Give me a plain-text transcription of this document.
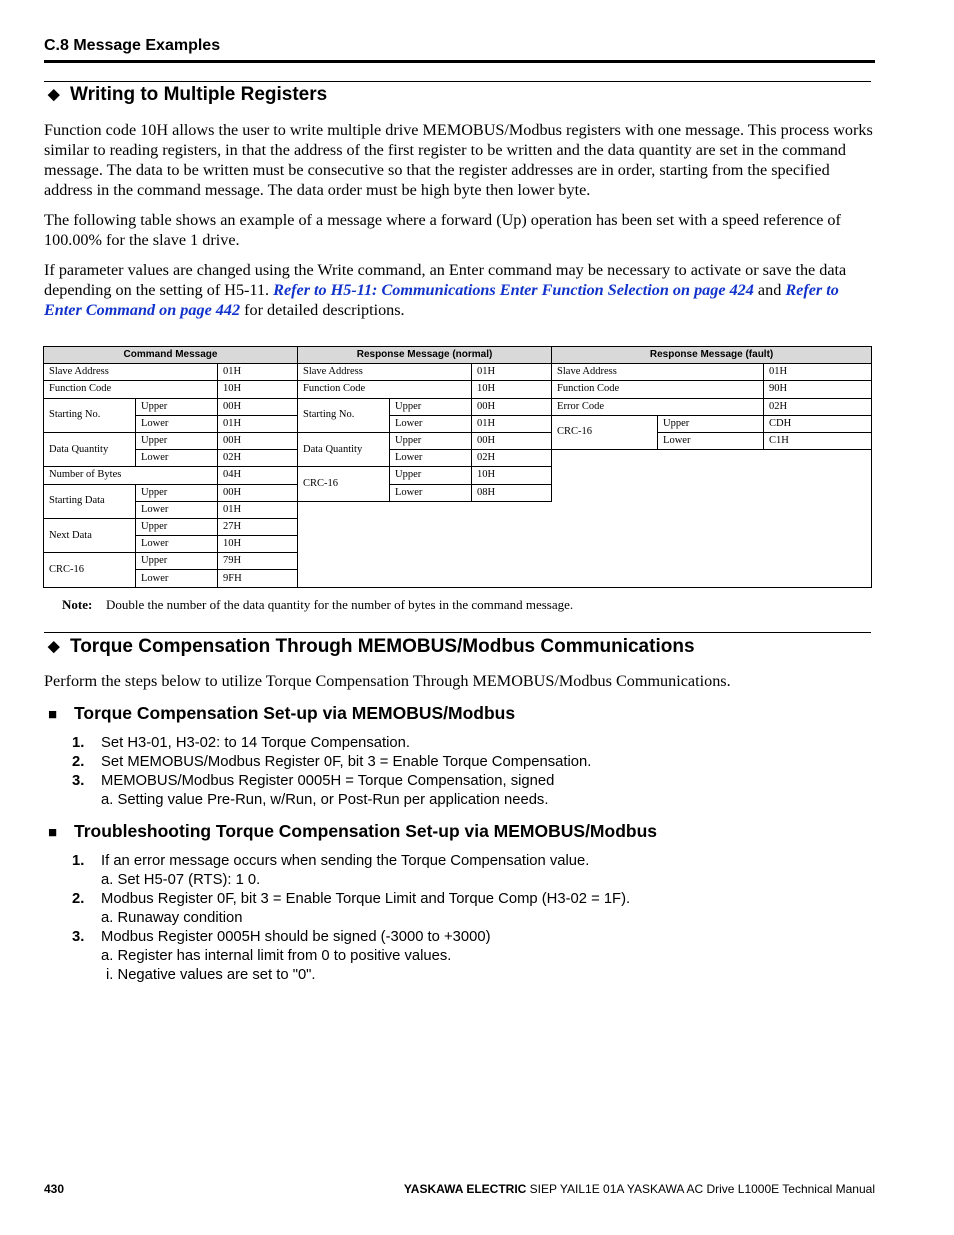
C.8 Message Examples
◆ Writing to Multiple Registers
Function code 10H allows the user to write multiple drive MEMOBUS/Modbus registers with one message. This process works similar to reading registers, in that the address of the first register to be written and the data quantity are set in the command message. The data to be written must be consecutive so that the register addresses are in order, starting from the specified address in the command message. The data order must be high byte then lower byte.
The following table shows an example of a message where a forward (Up) operation has been set with a speed reference of 100.00% for the slave 1 drive.
If parameter values are changed using the Write command, an Enter command may be necessary to activate or save the data depending on the setting of H5-11. Refer to H5-11: Communications Enter Function Selection on page 424 and Refer to Enter Command on page 442 for detailed descriptions.
Command Message			Response Message (normal)			Response Message (fault)		
Slave Address		01H	Slave Address		01H	Slave Address		01H
Function Code		10H	Function Code		10H	Function Code		90H
Starting No.	Upper	00H	Starting No.	Upper	00H	Error Code		02H
	Lower	01H		Lower	01H	CRC-16	Upper	CDH
Data Quantity	Upper	00H	Data Quantity	Upper	00H		Lower	C1H
	Lower	02H		Lower	02H			
Number of Bytes		04H	CRC-16	Upper	10H			
Starting Data	Upper	00H		Lower	08H			
	Lower	01H						
Next Data	Upper	27H						
	Lower	10H						
CRC-16	Upper	79H						
	Lower	9FH						
Note: Double the number of the data quantity for the number of bytes in the command message.
◆ Torque Compensation Through MEMOBUS/Modbus Communications
Perform the steps below to utilize Torque Compensation Through MEMOBUS/Modbus Communications.
■ Torque Compensation Set-up via MEMOBUS/Modbus
1. Set H3-01, H3-02: to 14 Torque Compensation.
2. Set MEMOBUS/Modbus Register 0F, bit 3 = Enable Torque Compensation.
3. MEMOBUS/Modbus Register 0005H = Torque Compensation, signed
a. Setting value Pre-Run, w/Run, or Post-Run per application needs.
■ Troubleshooting Torque Compensation Set-up via MEMOBUS/Modbus
1. If an error message occurs when sending the Torque Compensation value.
a. Set H5-07 (RTS): 1 0.
2. Modbus Register 0F, bit 3 = Enable Torque Limit and Torque Comp (H3-02 = 1F).
a. Runaway condition
3. Modbus Register 0005H should be signed (-3000 to +3000)
a. Register has internal limit from 0 to positive values.
i. Negative values are set to "0".
430	YASKAWA ELECTRIC SIEP YAIL1E 01A YASKAWA AC Drive L1000E Technical Manual
